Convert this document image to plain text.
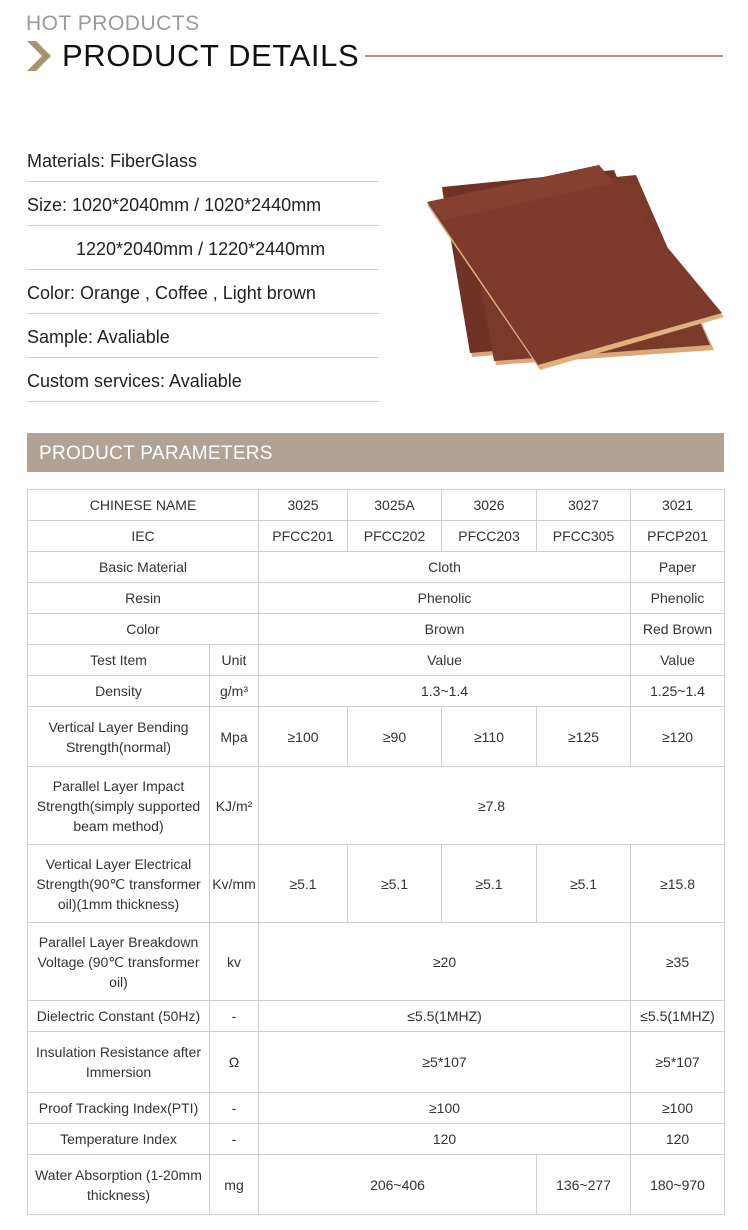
HOT PRODUCTS
PRODUCT DETAILS
Materials: FiberGlass
Size: 1020*2040mm / 1020*2440mm
1220*2040mm / 1220*2440mm
Color: Orange , Coffee , Light brown
Sample: Avaliable
Custom services: Avaliable
PRODUCT PARAMETERS
CHINESE NAME		3025	3025A	3026	3027	3021
IEC		PFCC201	PFCC202	PFCC203	PFCC305	PFCP201
Basic Material		Cloth				Paper
Resin		Phenolic				Phenolic
Color		Brown				Red Brown
Test Item	Unit	Value				Value
Density	g/m³	1.3~1.4				1.25~1.4
Vertical Layer Bending Strength(normal)	Mpa	≥100	≥90	≥110	≥125	≥120
Parallel Layer Impact Strength(simply supported beam method)	KJ/m²	≥7.8				
Vertical Layer Electrical Strength(90℃ transformer oil)(1mm thickness)	Kv/mm	≥5.1	≥5.1	≥5.1	≥5.1	≥15.8
Parallel Layer Breakdown Voltage (90℃ transformer oil)	kv	≥20				≥35
Dielectric Constant (50Hz)	-	≤5.5(1MHZ)				≤5.5(1MHZ)
Insulation Resistance after Immersion	Ω	≥5*107				≥5*107
Proof Tracking Index(PTI)	-	≥100				≥100
Temperature Index	-	120				120
Water Absorption (1-20mm thickness)	mg	206~406			136~277	180~970
